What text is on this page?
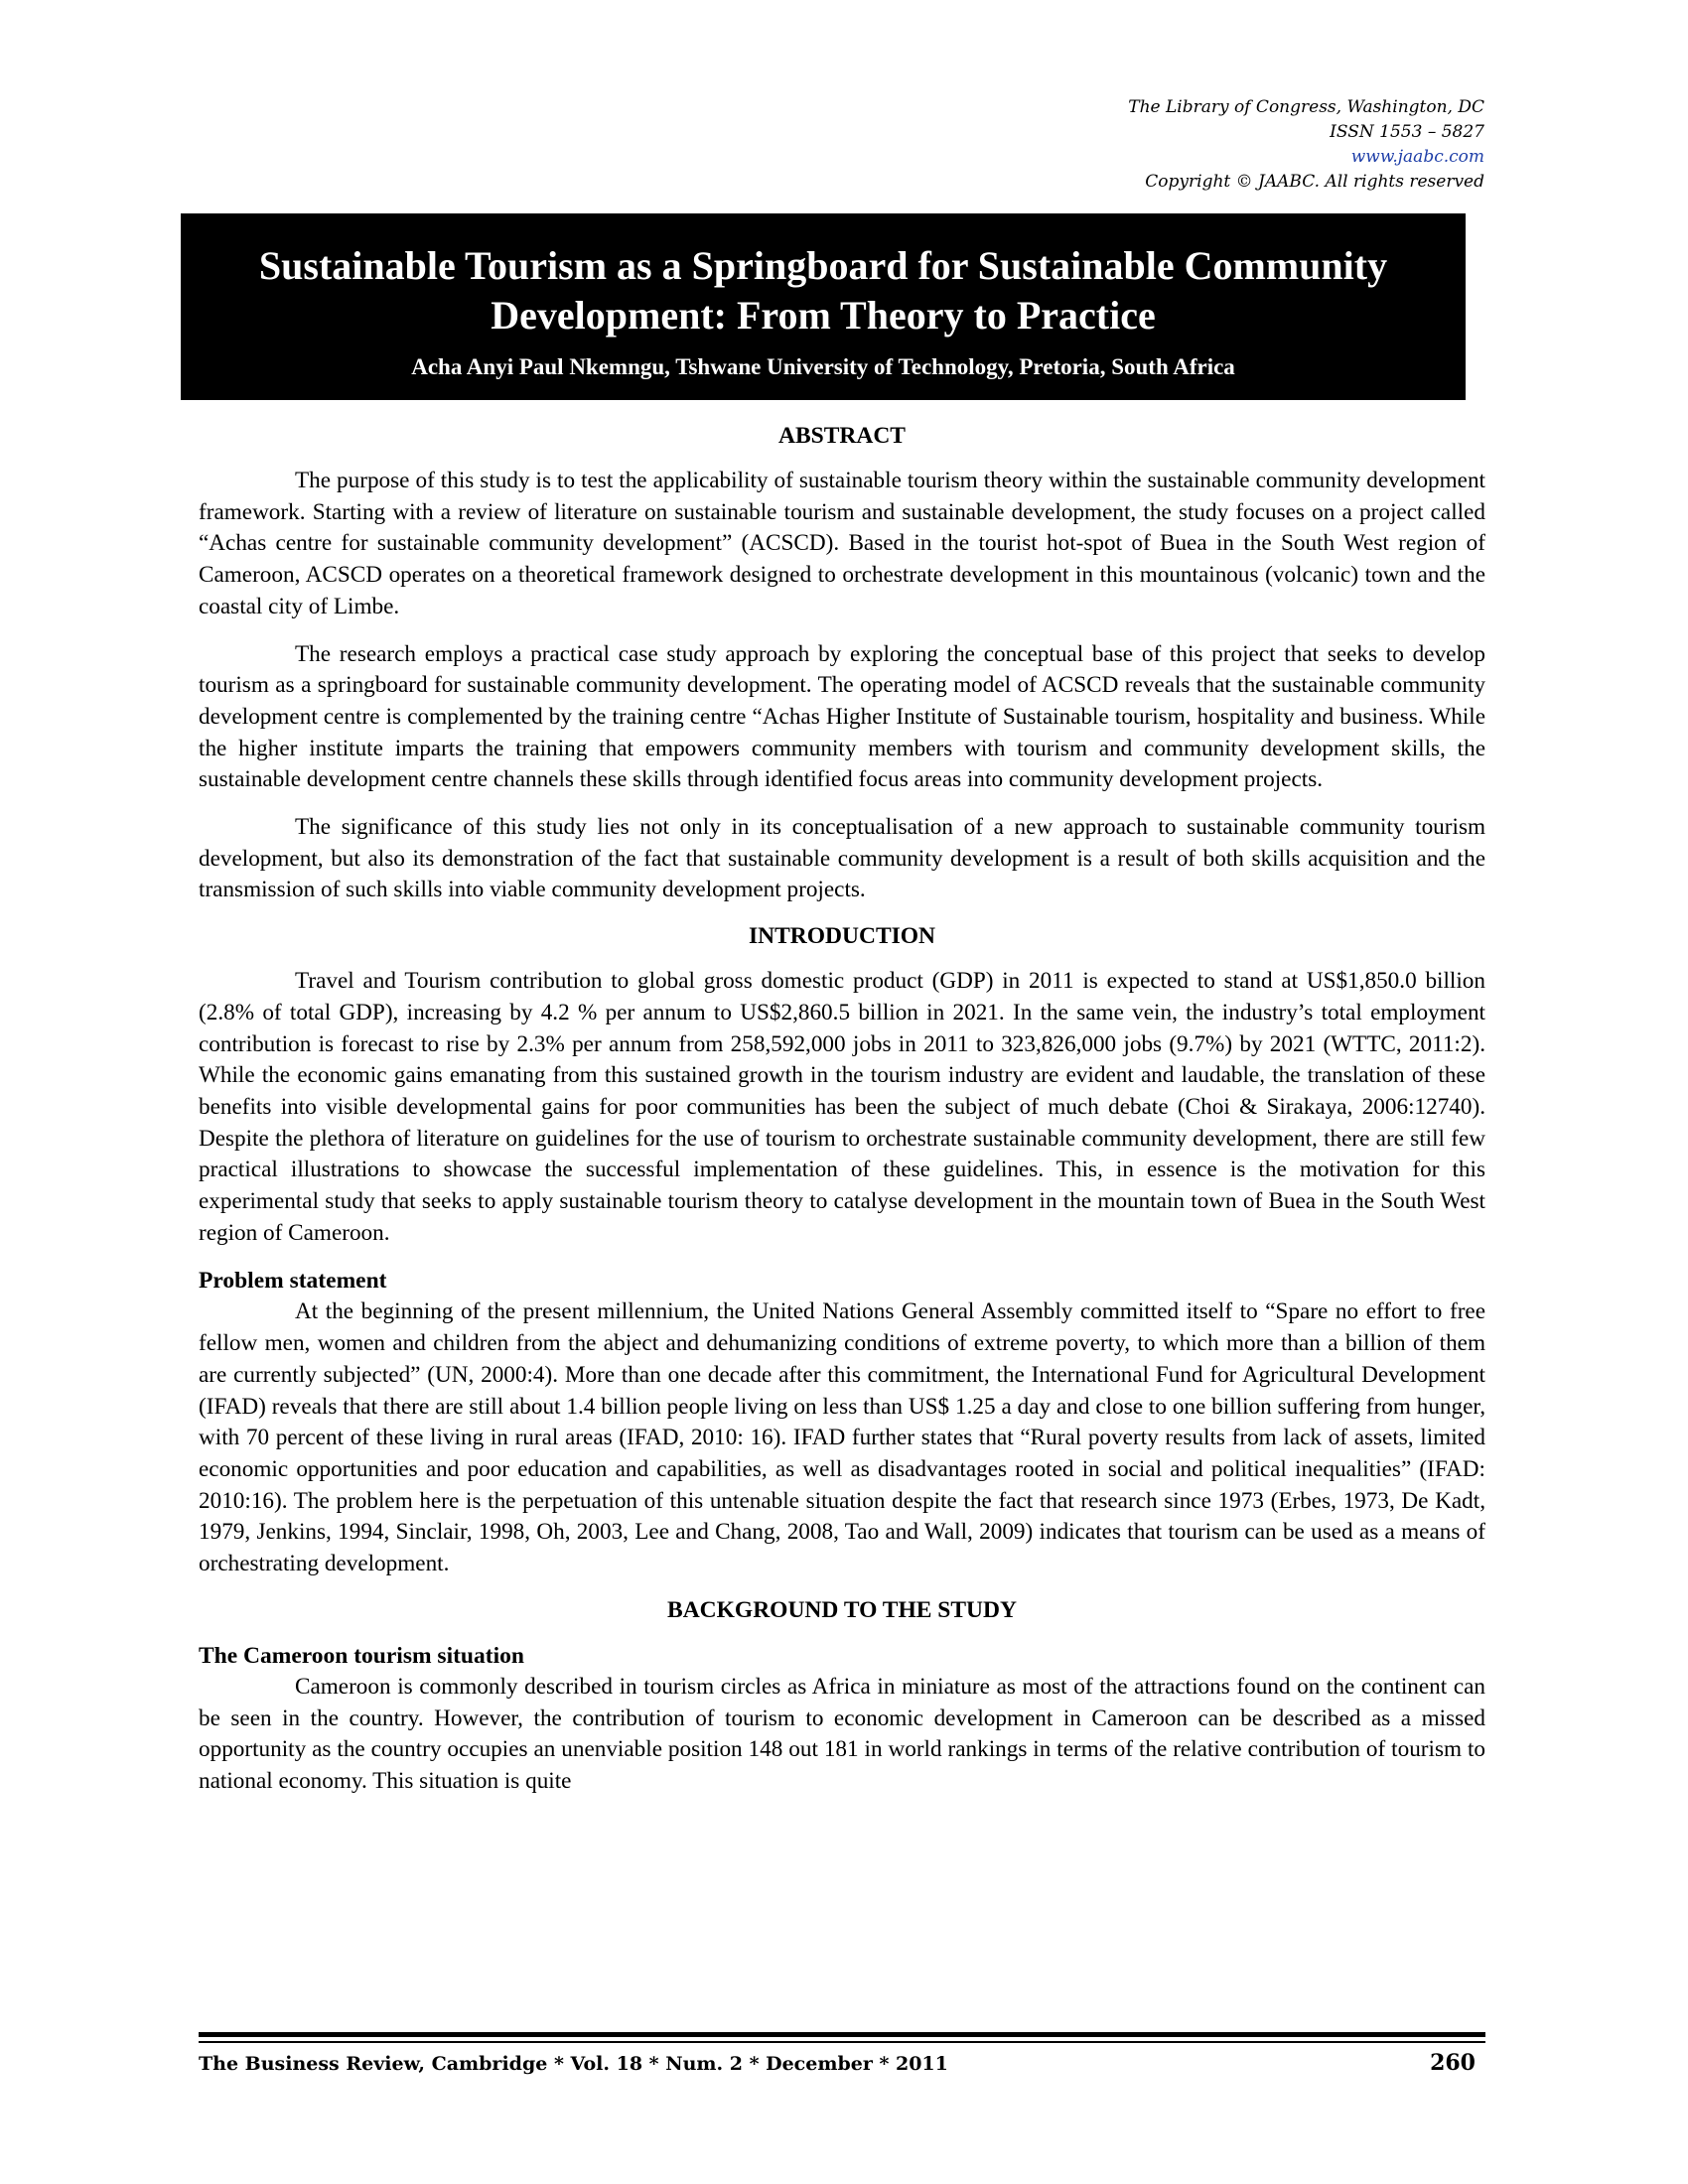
The Library of Congress, Washington, DC
ISSN 1553 – 5827
www.jaabc.com
Copyright © JAABC. All rights reserved
Sustainable Tourism as a Springboard for Sustainable Community
Development: From Theory to Practice
Acha Anyi Paul Nkemngu, Tshwane University of Technology, Pretoria, South Africa
ABSTRACT

The purpose of this study is to test the applicability of sustainable tourism theory within the sustainable community development framework. Starting with a review of literature on sustainable tourism and sustainable development, the study focuses on a project called “Achas centre for sustainable community development” (ACSCD). Based in the tourist hot-spot of Buea in the South West region of Cameroon, ACSCD operates on a theoretical framework designed to orchestrate development in this mountainous (volcanic) town and the coastal city of Limbe.

The research employs a practical case study approach by exploring the conceptual base of this project that seeks to develop tourism as a springboard for sustainable community development. The operating model of ACSCD reveals that the sustainable community development centre is complemented by the training centre “Achas Higher Institute of Sustainable tourism, hospitality and business. While the higher institute imparts the training that empowers community members with tourism and community development skills, the sustainable development centre channels these skills through identified focus areas into community development projects.

The significance of this study lies not only in its conceptualisation of a new approach to sustainable community tourism development, but also its demonstration of the fact that sustainable community development is a result of both skills acquisition and the transmission of such skills into viable community development projects.

INTRODUCTION

Travel and Tourism contribution to global gross domestic product (GDP) in 2011 is expected to stand at US$1,850.0 billion (2.8% of total GDP), increasing by 4.2 % per annum to US$2,860.5 billion in 2021. In the same vein, the industry’s total employment contribution is forecast to rise by 2.3% per annum from 258,592,000 jobs in 2011 to 323,826,000 jobs (9.7%) by 2021 (WTTC, 2011:2). While the economic gains emanating from this sustained growth in the tourism industry are evident and laudable, the translation of these benefits into visible developmental gains for poor communities has been the subject of much debate (Choi & Sirakaya, 2006:12740). Despite the plethora of literature on guidelines for the use of tourism to orchestrate sustainable community development, there are still few practical illustrations to showcase the successful implementation of these guidelines. This, in essence is the motivation for this experimental study that seeks to apply sustainable tourism theory to catalyse development in the mountain town of Buea in the South West region of Cameroon.

Problem statement

At the beginning of the present millennium, the United Nations General Assembly committed itself to “Spare no effort to free fellow men, women and children from the abject and dehumanizing conditions of extreme poverty, to which more than a billion of them are currently subjected” (UN, 2000:4). More than one decade after this commitment, the International Fund for Agricultural Development (IFAD) reveals that there are still about 1.4 billion people living on less than US$ 1.25 a day and close to one billion suffering from hunger, with 70 percent of these living in rural areas (IFAD, 2010: 16). IFAD further states that “Rural poverty results from lack of assets, limited economic opportunities and poor education and capabilities, as well as disadvantages rooted in social and political inequalities” (IFAD: 2010:16). The problem here is the perpetuation of this untenable situation despite the fact that research since 1973 (Erbes, 1973, De Kadt, 1979, Jenkins, 1994, Sinclair, 1998, Oh, 2003, Lee and Chang, 2008, Tao and Wall, 2009) indicates that tourism can be used as a means of orchestrating development.

BACKGROUND TO THE STUDY
The Cameroon tourism situation

Cameroon is commonly described in tourism circles as Africa in miniature as most of the attractions found on the continent can be seen in the country. However, the contribution of tourism to economic development in Cameroon can be described as a missed opportunity as the country occupies an unenviable position 148 out 181 in world rankings in terms of the relative contribution of tourism to national economy. This situation is quite

The Business Review, Cambridge * Vol. 18 * Num. 2 * December * 2011	260
